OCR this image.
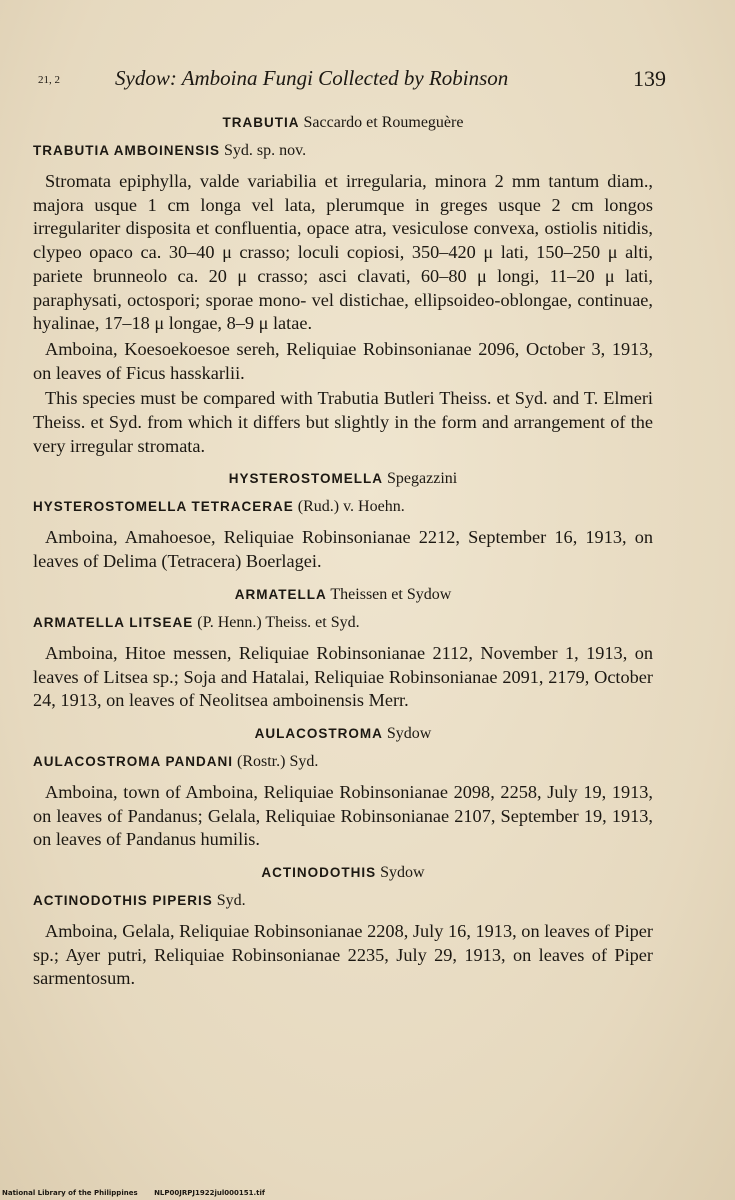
21, 2	Sydow: Amboina Fungi Collected by Robinson	139
TRABUTIA Saccardo et Roumeguère
TRABUTIA AMBOINENSIS Syd. sp. nov.

Stromata epiphylla, valde variabilia et irregularia, minora 2 mm tantum diam., majora usque 1 cm longa vel lata, plerumque in greges usque 2 cm longos irregulariter disposita et confluentia, opace atra, vesiculose convexa, ostiolis nitidis, clypeo opaco ca. 30–40 μ crasso; loculi copiosi, 350–420 μ lati, 150–250 μ alti, pariete brunneolo ca. 20 μ crasso; asci clavati, 60–80 μ longi, 11–20 μ lati, paraphysati, octospori; sporae mono- vel distichae, ellipsoideo-oblongae, continuae, hyalinae, 17–18 μ longae, 8–9 μ latae.

Amboina, Koesoekoesoe sereh, Reliquiae Robinsonianae 2096, October 3, 1913, on leaves of Ficus hasskarlii.

This species must be compared with Trabutia Butleri Theiss. et Syd. and T. Elmeri Theiss. et Syd. from which it differs but slightly in the form and arrangement of the very irregular stromata.

HYSTEROSTOMELLA Spegazzini
HYSTEROSTOMELLA TETRACERAE (Rud.) v. Hoehn.

Amboina, Amahoesoe, Reliquiae Robinsonianae 2212, September 16, 1913, on leaves of Delima (Tetracera) Boerlagei.

ARMATELLA Theissen et Sydow
ARMATELLA LITSEAE (P. Henn.) Theiss. et Syd.

Amboina, Hitoe messen, Reliquiae Robinsonianae 2112, November 1, 1913, on leaves of Litsea sp.; Soja and Hatalai, Reliquiae Robinsonianae 2091, 2179, October 24, 1913, on leaves of Neolitsea amboinensis Merr.

AULACOSTROMA Sydow
AULACOSTROMA PANDANI (Rostr.) Syd.

Amboina, town of Amboina, Reliquiae Robinsonianae 2098, 2258, July 19, 1913, on leaves of Pandanus; Gelala, Reliquiae Robinsonianae 2107, September 19, 1913, on leaves of Pandanus humilis.

ACTINODOTHIS Sydow
ACTINODOTHIS PIPERIS Syd.

Amboina, Gelala, Reliquiae Robinsonianae 2208, July 16, 1913, on leaves of Piper sp.; Ayer putri, Reliquiae Robinsonianae 2235, July 29, 1913, on leaves of Piper sarmentosum.

National Library of the Philippines NLP00JRPJ1922jul000151.tif
